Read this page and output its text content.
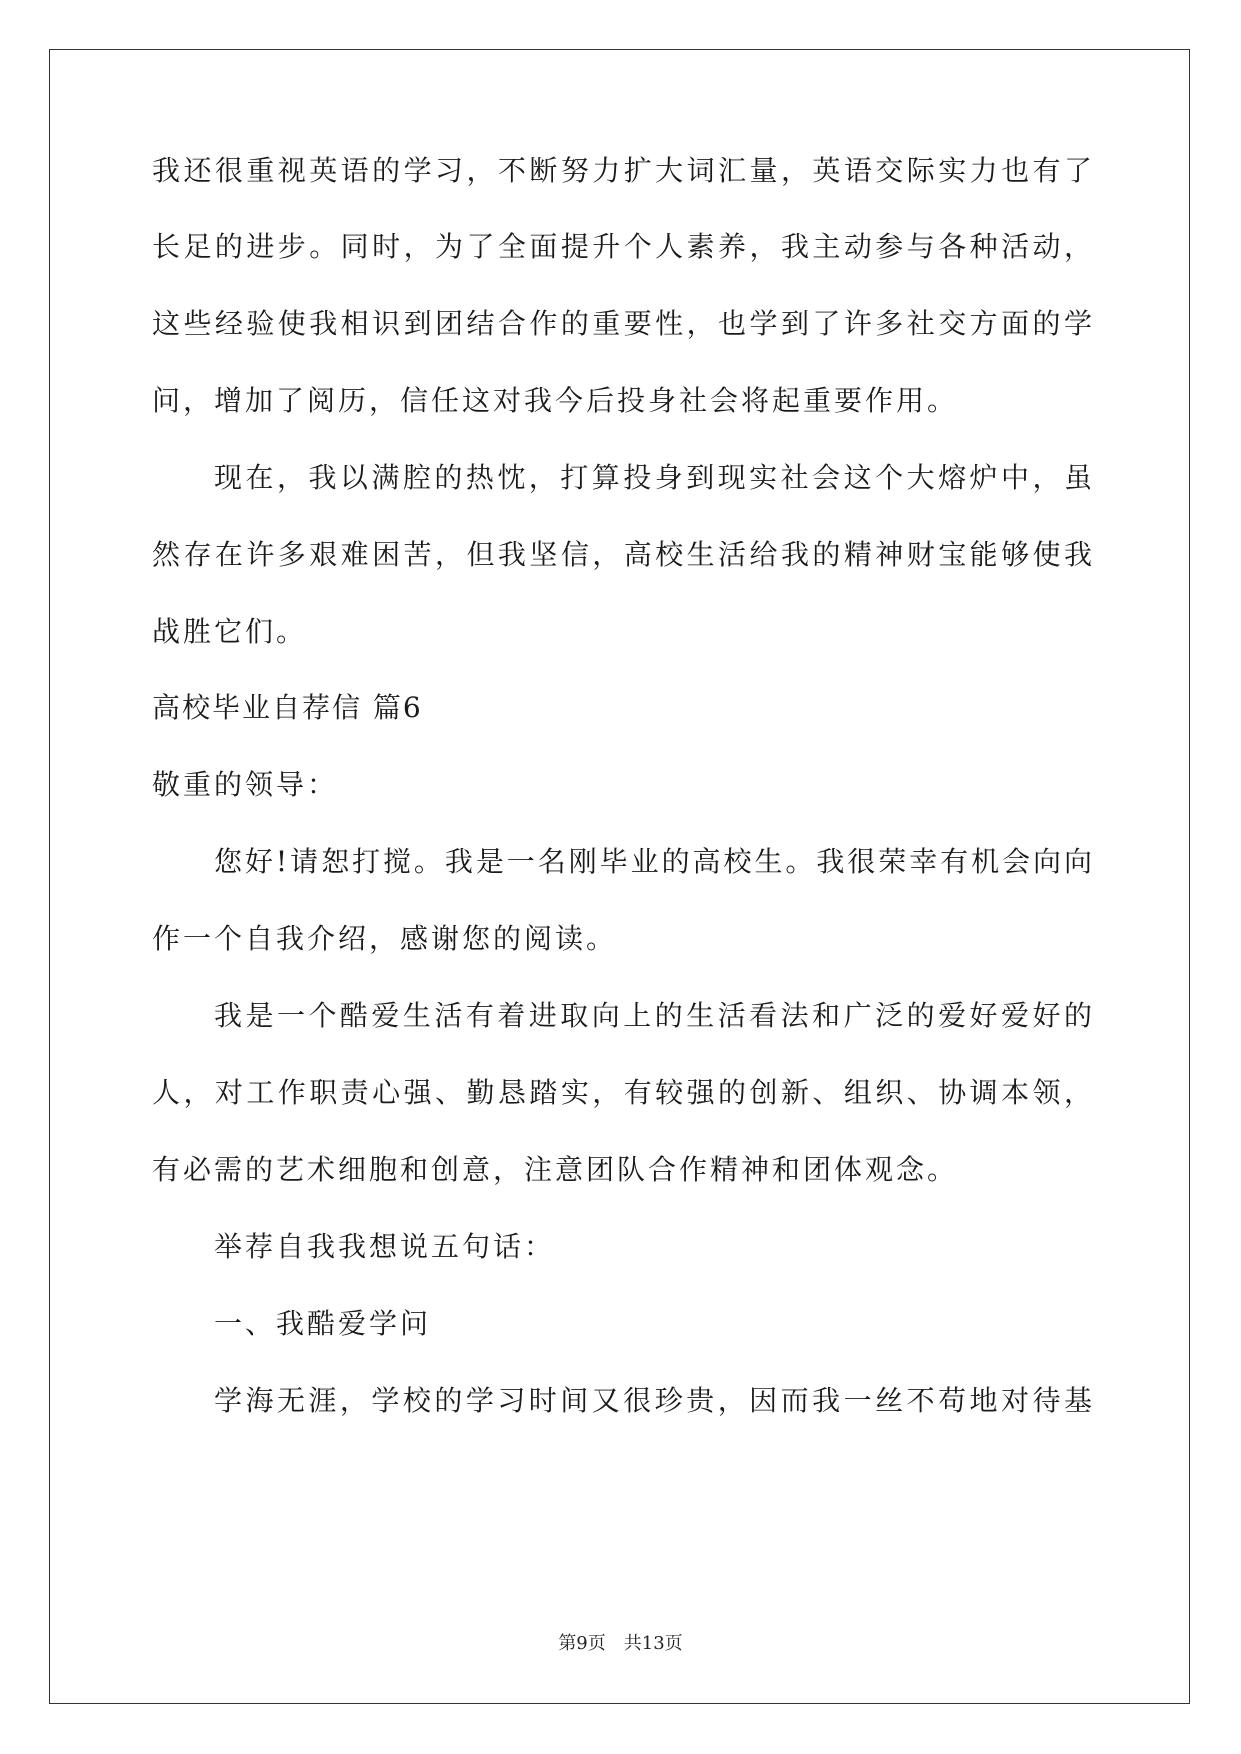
我还很重视英语的学习，不断努力扩大词汇量，英语交际实力也有了
长足的进步。同时，为了全面提升个人素养，我主动参与各种活动，
这些经验使我相识到团结合作的重要性，也学到了许多社交方面的学
问，增加了阅历，信任这对我今后投身社会将起重要作用。
现在，我以满腔的热忱，打算投身到现实社会这个大熔炉中，虽
然存在许多艰难困苦，但我坚信，高校生活给我的精神财宝能够使我
战胜它们。
高校毕业自荐信 篇6
敬重的领导：
您好!请恕打搅。我是一名刚毕业的高校生。我很荣幸有机会向向
作一个自我介绍，感谢您的阅读。
我是一个酷爱生活有着进取向上的生活看法和广泛的爱好爱好的
人，对工作职责心强、勤恳踏实，有较强的创新、组织、协调本领，
有必需的艺术细胞和创意，注意团队合作精神和团体观念。
举荐自我我想说五句话：
一、我酷爱学问
学海无涯，学校的学习时间又很珍贵，因而我一丝不苟地对待基
第9页 共13页
